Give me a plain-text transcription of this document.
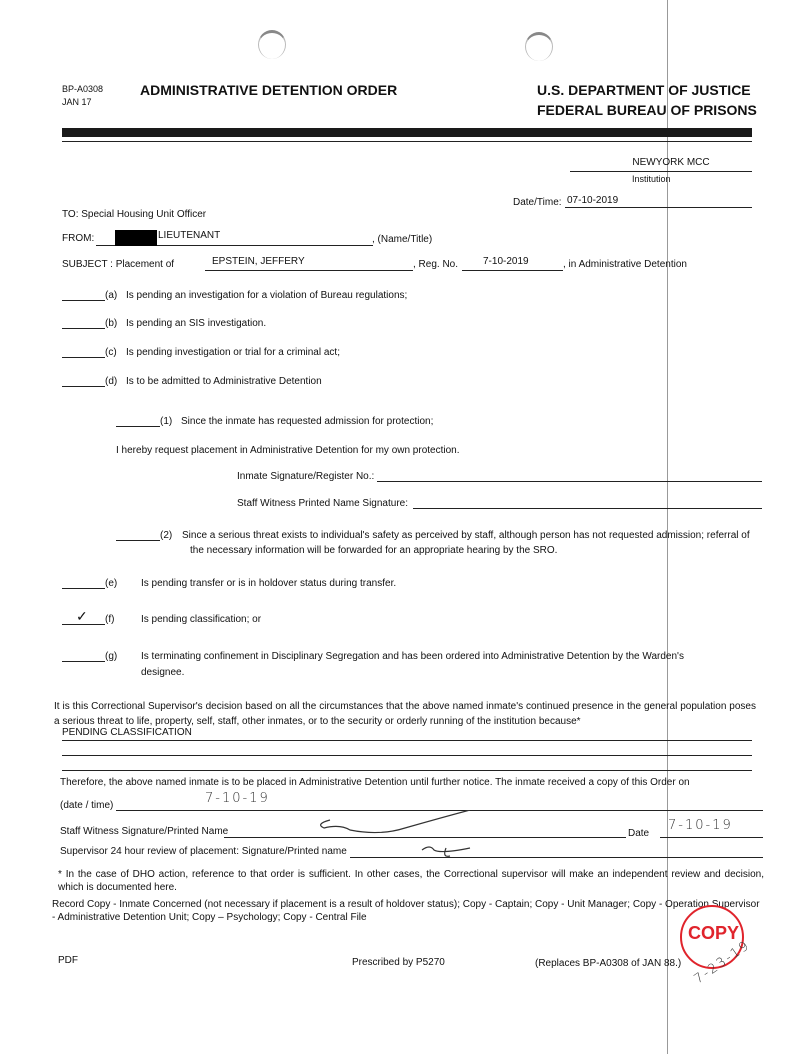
BP-A0308
JAN 17
ADMINISTRATIVE DETENTION ORDER	U.S. DEPARTMENT OF JUSTICE
FEDERAL BUREAU OF PRISONS
NEWYORK MCC
Institution
Date/Time: 07-10-2019
TO: Special Housing Unit Officer
FROM:	LIEUTENANT	, (Name/Title)
SUBJECT : Placement of	EPSTEIN, JEFFERY	, Reg. No. 7-10-2019	, in Administrative Detention
(a) Is pending an investigation for a violation of Bureau regulations;
(b) Is pending an SIS investigation.
(c) Is pending investigation or trial for a criminal act;
(d) Is to be admitted to Administrative Detention
(1) Since the inmate has requested admission for protection;
I hereby request placement in Administrative Detention for my own protection.
Inmate Signature/Register No.:
Staff Witness Printed Name Signature:
(2) Since a serious threat exists to individual's safety as perceived by staff, although person has not requested admission; referral of
the necessary information will be forwarded for an appropriate hearing by the SRO.
(e) Is pending transfer or is in holdover status during transfer.
✓ (f)	Is pending classification; or
(g) Is terminating confinement in Disciplinary Segregation and has been ordered into Administrative Detention by the Warden's
designee.
It is this Correctional Supervisor's decision based on all the circumstances that the above named inmate's continued presence in the general population poses a serious threat to life, property, self, staff, other inmates, or to the security or orderly running of the institution because*
PENDING CLASSIFICATION
Therefore, the above named inmate is to be placed in Administrative Detention until further notice. The inmate received a copy of this Order on
(date / time)	7-10-19
Staff Witness Signature/Printed Name	Date
7-10-19
Supervisor 24 hour review of placement: Signature/Printed name
* In the case of DHO action, reference to that order is sufficient. In other cases, the Correctional supervisor will make an independent review and decision, which is documented here.
Record Copy - Inmate Concerned (not necessary if placement is a result of holdover status); Copy - Captain; Copy - Unit Manager; Copy - Operation Supervisor - Administrative Detention Unit; Copy – Psychology; Copy - Central File
PDF	Prescribed by P5270	(Replaces BP-A0308 of JAN 88.)
COPY
7-23-19
